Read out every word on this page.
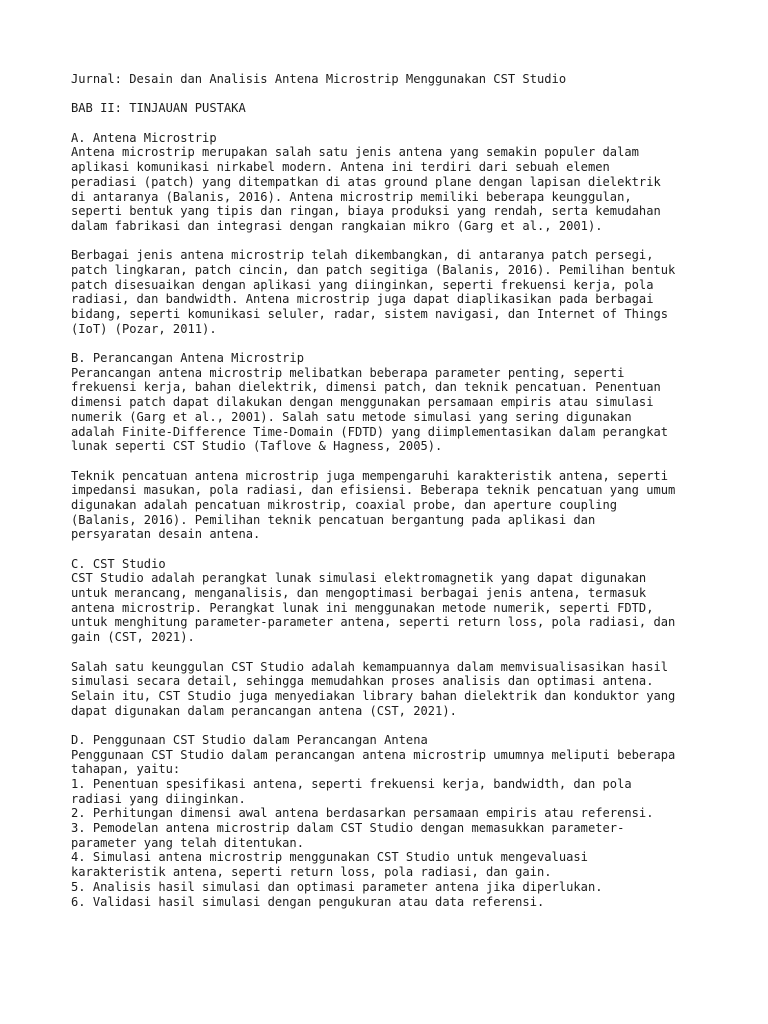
Jurnal: Desain dan Analisis Antena Microstrip Menggunakan CST Studio
BAB II: TINJAUAN PUSTAKA
A. Antena Microstrip
Antena microstrip merupakan salah satu jenis antena yang semakin populer dalam
aplikasi komunikasi nirkabel modern. Antena ini terdiri dari sebuah elemen
peradiasi (patch) yang ditempatkan di atas ground plane dengan lapisan dielektrik
di antaranya (Balanis, 2016). Antena microstrip memiliki beberapa keunggulan,
seperti bentuk yang tipis dan ringan, biaya produksi yang rendah, serta kemudahan
dalam fabrikasi dan integrasi dengan rangkaian mikro (Garg et al., 2001).
Berbagai jenis antena microstrip telah dikembangkan, di antaranya patch persegi,
patch lingkaran, patch cincin, dan patch segitiga (Balanis, 2016). Pemilihan bentuk
patch disesuaikan dengan aplikasi yang diinginkan, seperti frekuensi kerja, pola
radiasi, dan bandwidth. Antena microstrip juga dapat diaplikasikan pada berbagai
bidang, seperti komunikasi seluler, radar, sistem navigasi, dan Internet of Things
(IoT) (Pozar, 2011).
B. Perancangan Antena Microstrip
Perancangan antena microstrip melibatkan beberapa parameter penting, seperti
frekuensi kerja, bahan dielektrik, dimensi patch, dan teknik pencatuan. Penentuan
dimensi patch dapat dilakukan dengan menggunakan persamaan empiris atau simulasi
numerik (Garg et al., 2001). Salah satu metode simulasi yang sering digunakan
adalah Finite-Difference Time-Domain (FDTD) yang diimplementasikan dalam perangkat
lunak seperti CST Studio (Taflove & Hagness, 2005).
Teknik pencatuan antena microstrip juga mempengaruhi karakteristik antena, seperti
impedansi masukan, pola radiasi, dan efisiensi. Beberapa teknik pencatuan yang umum
digunakan adalah pencatuan mikrostrip, coaxial probe, dan aperture coupling
(Balanis, 2016). Pemilihan teknik pencatuan bergantung pada aplikasi dan
persyaratan desain antena.
C. CST Studio
CST Studio adalah perangkat lunak simulasi elektromagnetik yang dapat digunakan
untuk merancang, menganalisis, dan mengoptimasi berbagai jenis antena, termasuk
antena microstrip. Perangkat lunak ini menggunakan metode numerik, seperti FDTD,
untuk menghitung parameter-parameter antena, seperti return loss, pola radiasi, dan
gain (CST, 2021).
Salah satu keunggulan CST Studio adalah kemampuannya dalam memvisualisasikan hasil
simulasi secara detail, sehingga memudahkan proses analisis dan optimasi antena.
Selain itu, CST Studio juga menyediakan library bahan dielektrik dan konduktor yang
dapat digunakan dalam perancangan antena (CST, 2021).
D. Penggunaan CST Studio dalam Perancangan Antena
Penggunaan CST Studio dalam perancangan antena microstrip umumnya meliputi beberapa
tahapan, yaitu:
1. Penentuan spesifikasi antena, seperti frekuensi kerja, bandwidth, dan pola
radiasi yang diinginkan.
2. Perhitungan dimensi awal antena berdasarkan persamaan empiris atau referensi.
3. Pemodelan antena microstrip dalam CST Studio dengan memasukkan parameter-
parameter yang telah ditentukan.
4. Simulasi antena microstrip menggunakan CST Studio untuk mengevaluasi
karakteristik antena, seperti return loss, pola radiasi, dan gain.
5. Analisis hasil simulasi dan optimasi parameter antena jika diperlukan.
6. Validasi hasil simulasi dengan pengukuran atau data referensi.
